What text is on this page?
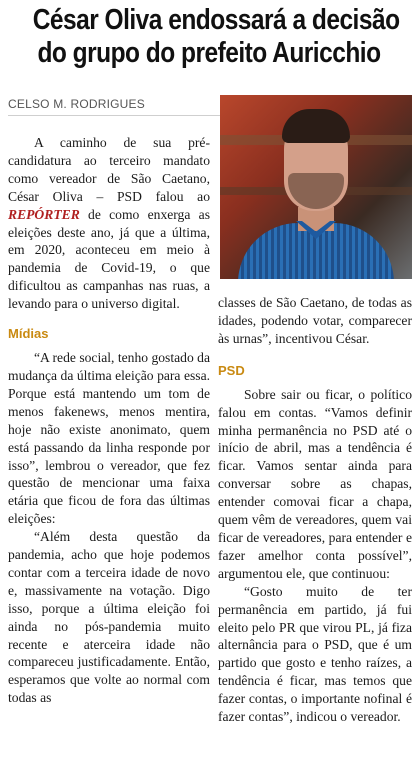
César Oliva endossará a decisão
do grupo do prefeito Auricchio
CELSO M. RODRIGUES

A caminho de sua pré-candidatura ao terceiro mandato como vereador de São Caetano, César Oliva – PSD falou ao REPÓRTER de como enxerga as eleições deste ano, já que a última, em 2020, aconteceu em meio à pandemia de Covid-19, o que dificultou as campanhas nas ruas, a levando para o universo digital.

Mídias

“A rede social, tenho gostado da mudança da última eleição para essa. Porque está mantendo um tom de menos fakenews, menos mentira, hoje não existe anonimato, quem está passando da linha responde por isso”, lembrou o vereador, que fez questão de mencionar uma faixa etária que ficou de fora das últimas eleições:

“Além desta questão da pandemia, acho que hoje podemos contar com a terceira idade de novo e, massivamente na votação. Digo isso, porque a última eleição foi ainda no pós-pandemia muito recente e aterceira idade não compareceu justificadamente. Então, esperamos que volte ao normal com todas as

classes de São Caetano, de todas as idades, podendo votar, comparecer às urnas”, incentivou César.

PSD

Sobre sair ou ficar, o político falou em contas. “Vamos definir minha permanência no PSD até o início de abril, mas a tendência é ficar. Vamos sentar ainda para conversar sobre as chapas, entender comovai ficar a chapa, quem vêm de vereadores, quem vai ficar de vereadores, para entender e fazer amelhor conta possível”, argumentou ele, que continuou:

“Gosto muito de ter permanência em partido, já fui eleito pelo PR que virou PL, já fiza alternância para o PSD, que é um partido que gosto e tenho raízes, a tendência é ficar, mas temos que fazer contas, o importante nofinal é fazer contas”, indicou o vereador.
